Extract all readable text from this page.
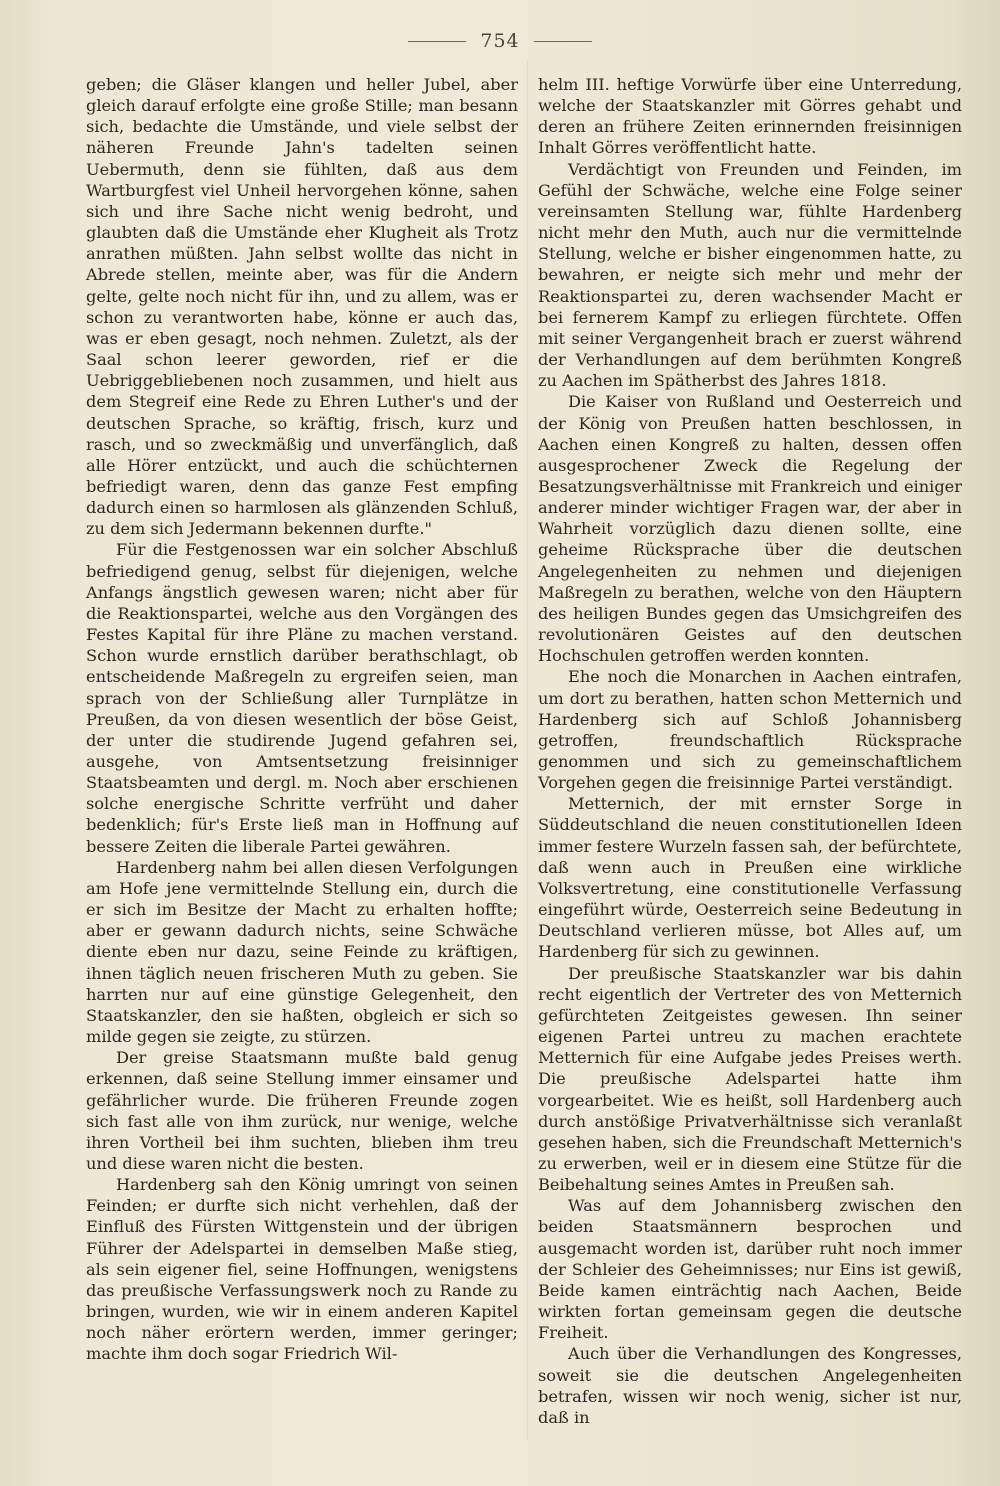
754

geben; die Gläser klangen und heller Jubel, aber gleich darauf erfolgte eine große Stille; man besann sich, bedachte die Umstände, und viele selbst der näheren Freunde Jahn's tadelten seinen Uebermuth, denn sie fühlten, daß aus dem Wartburgfest viel Unheil hervorgehen könne, sahen sich und ihre Sache nicht wenig bedroht, und glaubten daß die Umstände eher Klugheit als Trotz anrathen müßten. Jahn selbst wollte das nicht in Abrede stellen, meinte aber, was für die Andern gelte, gelte noch nicht für ihn, und zu allem, was er schon zu verantworten habe, könne er auch das, was er eben gesagt, noch nehmen. Zuletzt, als der Saal schon leerer geworden, rief er die Uebriggebliebenen noch zusammen, und hielt aus dem Stegreif eine Rede zu Ehren Luther's und der deutschen Sprache, so kräftig, frisch, kurz und rasch, und so zweckmäßig und unverfänglich, daß alle Hörer entzückt, und auch die schüchternen befriedigt waren, denn das ganze Fest empfing dadurch einen so harmlosen als glänzenden Schluß, zu dem sich Jedermann bekennen durfte."

Für die Festgenossen war ein solcher Abschluß befriedigend genug, selbst für diejenigen, welche Anfangs ängstlich gewesen waren; nicht aber für die Reaktionspartei, welche aus den Vorgängen des Festes Kapital für ihre Pläne zu machen verstand. Schon wurde ernstlich darüber berathschlagt, ob entscheidende Maßregeln zu ergreifen seien, man sprach von der Schließung aller Turnplätze in Preußen, da von diesen wesentlich der böse Geist, der unter die studirende Jugend gefahren sei, ausgehe, von Amtsentsetzung freisinniger Staatsbeamten und dergl. m. Noch aber erschienen solche energische Schritte verfrüht und daher bedenklich; für's Erste ließ man in Hoffnung auf bessere Zeiten die liberale Partei gewähren.

Hardenberg nahm bei allen diesen Verfolgungen am Hofe jene vermittelnde Stellung ein, durch die er sich im Besitze der Macht zu erhalten hoffte; aber er gewann dadurch nichts, seine Schwäche diente eben nur dazu, seine Feinde zu kräftigen, ihnen täglich neuen frischeren Muth zu geben. Sie harrten nur auf eine günstige Gelegenheit, den Staatskanzler, den sie haßten, obgleich er sich so milde gegen sie zeigte, zu stürzen.

Der greise Staatsmann mußte bald genug erkennen, daß seine Stellung immer einsamer und gefährlicher wurde. Die früheren Freunde zogen sich fast alle von ihm zurück, nur wenige, welche ihren Vortheil bei ihm suchten, blieben ihm treu und diese waren nicht die besten.

Hardenberg sah den König umringt von seinen Feinden; er durfte sich nicht verhehlen, daß der Einfluß des Fürsten Wittgenstein und der übrigen Führer der Adelspartei in demselben Maße stieg, als sein eigener fiel, seine Hoffnungen, wenigstens das preußische Verfassungswerk noch zu Rande zu bringen, wurden, wie wir in einem anderen Kapitel noch näher erörtern werden, immer geringer; machte ihm doch sogar Friedrich Wil-

helm III. heftige Vorwürfe über eine Unterredung, welche der Staatskanzler mit Görres gehabt und deren an frühere Zeiten erinnernden freisinnigen Inhalt Görres veröffentlicht hatte.

Verdächtigt von Freunden und Feinden, im Gefühl der Schwäche, welche eine Folge seiner vereinsamten Stellung war, fühlte Hardenberg nicht mehr den Muth, auch nur die vermittelnde Stellung, welche er bisher eingenommen hatte, zu bewahren, er neigte sich mehr und mehr der Reaktionspartei zu, deren wachsender Macht er bei fernerem Kampf zu erliegen fürchtete. Offen mit seiner Vergangenheit brach er zuerst während der Verhandlungen auf dem berühmten Kongreß zu Aachen im Spätherbst des Jahres 1818.

Die Kaiser von Rußland und Oesterreich und der König von Preußen hatten beschlossen, in Aachen einen Kongreß zu halten, dessen offen ausgesprochener Zweck die Regelung der Besatzungsverhältnisse mit Frankreich und einiger anderer minder wichtiger Fragen war, der aber in Wahrheit vorzüglich dazu dienen sollte, eine geheime Rücksprache über die deutschen Angelegenheiten zu nehmen und diejenigen Maßregeln zu berathen, welche von den Häuptern des heiligen Bundes gegen das Umsichgreifen des revolutionären Geistes auf den deutschen Hochschulen getroffen werden konnten.

Ehe noch die Monarchen in Aachen eintrafen, um dort zu berathen, hatten schon Metternich und Hardenberg sich auf Schloß Johannisberg getroffen, freundschaftlich Rücksprache genommen und sich zu gemeinschaftlichem Vorgehen gegen die freisinnige Partei verständigt.

Metternich, der mit ernster Sorge in Süddeutschland die neuen constitutionellen Ideen immer festere Wurzeln fassen sah, der befürchtete, daß wenn auch in Preußen eine wirkliche Volksvertretung, eine constitutionelle Verfassung eingeführt würde, Oesterreich seine Bedeutung in Deutschland verlieren müsse, bot Alles auf, um Hardenberg für sich zu gewinnen.

Der preußische Staatskanzler war bis dahin recht eigentlich der Vertreter des von Metternich gefürchteten Zeitgeistes gewesen. Ihn seiner eigenen Partei untreu zu machen erachtete Metternich für eine Aufgabe jedes Preises werth. Die preußische Adelspartei hatte ihm vorgearbeitet. Wie es heißt, soll Hardenberg auch durch anstößige Privatverhältnisse sich veranlaßt gesehen haben, sich die Freundschaft Metternich's zu erwerben, weil er in diesem eine Stütze für die Beibehaltung seines Amtes in Preußen sah.

Was auf dem Johannisberg zwischen den beiden Staatsmännern besprochen und ausgemacht worden ist, darüber ruht noch immer der Schleier des Geheimnisses; nur Eins ist gewiß, Beide kamen einträchtig nach Aachen, Beide wirkten fortan gemeinsam gegen die deutsche Freiheit.

Auch über die Verhandlungen des Kongresses, soweit sie die deutschen Angelegenheiten betrafen, wissen wir noch wenig, sicher ist nur, daß in
